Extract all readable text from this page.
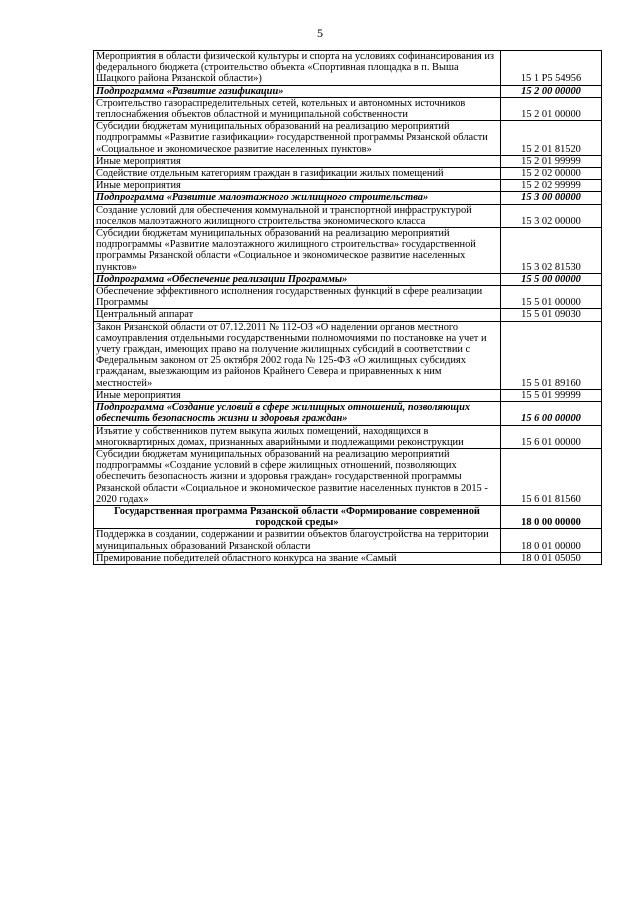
5
Мероприятия в области физической культуры и спорта на условиях софинансирования из федерального бюджета (строительство объекта «Спортивная площадка в п. Выша Шацкого района Рязанской области»)	15 1 Р5 54956
Подпрограмма «Развитие газификации»	15 2 00 00000
Строительство газораспределительных сетей, котельных и автономных источников теплоснабжения объектов областной и муниципальной собственности	15 2 01 00000
Субсидии бюджетам муниципальных образований на реализацию мероприятий подпрограммы «Развитие газификации» государственной программы Рязанской области «Социальное и экономическое развитие населенных пунктов»	15 2 01 81520
Иные мероприятия	15 2 01 99999
Содействие отдельным категориям граждан в газификации жилых помещений	15 2 02 00000
Иные мероприятия	15 2 02 99999
Подпрограмма «Развитие малоэтажного жилищного строительства»	15 3 00 00000
Создание условий для обеспечения коммунальной и транспортной инфраструктурой поселков малоэтажного жилищного строительства экономического класса	15 3 02 00000
Субсидии бюджетам муниципальных образований на реализацию мероприятий подпрограммы «Развитие малоэтажного жилищного строительства» государственной программы Рязанской области «Социальное и экономическое развитие населенных пунктов»	15 3 02 81530
Подпрограмма «Обеспечение реализации Программы»	15 5 00 00000
Обеспечение эффективного исполнения государственных функций в сфере реализации Программы	15 5 01 00000
Центральный аппарат	15 5 01 09030
Закон Рязанской области от 07.12.2011 № 112-ОЗ «О наделении органов местного самоуправления отдельными государственными полномочиями по постановке на учет и учету граждан, имеющих право на получение жилищных субсидий в соответствии с Федеральным законом от 25 октября 2002 года № 125-ФЗ «О жилищных субсидиях гражданам, выезжающим из районов Крайнего Севера и приравненных к ним местностей»	15 5 01 89160
Иные мероприятия	15 5 01 99999
Подпрограмма «Создание условий в сфере жилищных отношений, позволяющих обеспечить безопасность жизни и здоровья граждан»	15 6 00 00000
Изъятие у собственников путем выкупа жилых помещений, находящихся в многоквартирных домах, признанных аварийными и подлежащими реконструкции	15 6 01 00000
Субсидии бюджетам муниципальных образований на реализацию мероприятий подпрограммы «Создание условий в сфере жилищных отношений, позволяющих обеспечить безопасность жизни и здоровья граждан» государственной программы Рязанской области «Социальное и экономическое развитие населенных пунктов в 2015 - 2020 годах»	15 6 01 81560
Государственная программа Рязанской области «Формирование современной городской среды»	18 0 00 00000
Поддержка в создании, содержании и развитии объектов благоустройства на территории муниципальных образований Рязанской области	18 0 01 00000
Премирование победителей областного конкурса на звание «Самый	18 0 01 05050
